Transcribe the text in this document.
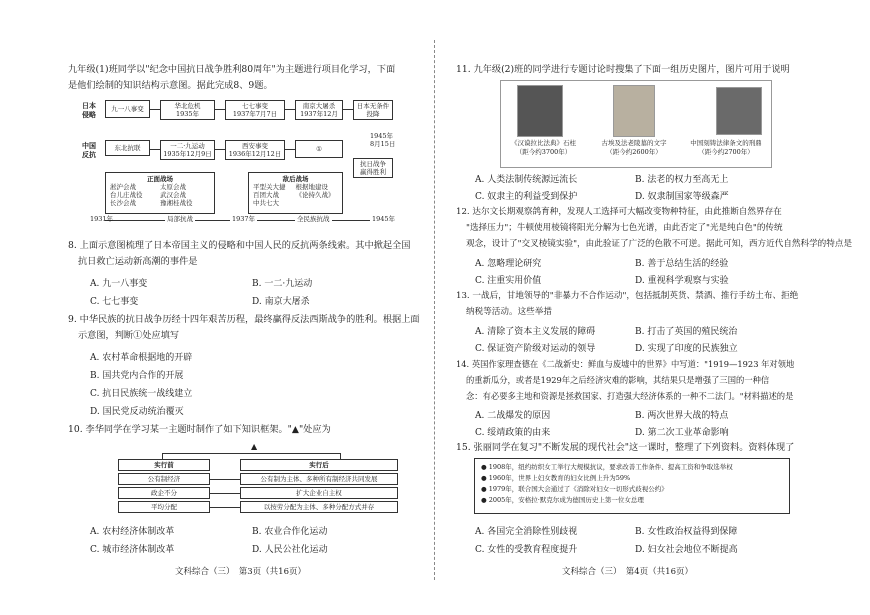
九年级(1)班同学以"纪念中国抗日战争胜利80周年"为主题进行项目化学习，下面
是他们绘制的知识结构示意图。据此完成8、9题。
日本侵略
中国反抗
九一八事变	华北危机
1935年
七七事变
1937年7月7日
南京大屠杀
1937年12月
日本无条件投降
1945年
8月15日
东北抗联	一二·九运动
1935年12月9日
西安事变
1936年12月12日
①
抗日战争
赢得胜利
正面战场
淞沪会战	太原会战
台儿庄战役	武汉会战
长沙会战	豫湘桂战役
敌后战场
平型关大捷	根据地建设
百团大战	《论持久战》
中共七大
1931年	局部抗战	1937年	全民族抗战	1945年
8. 上面示意图梳理了日本帝国主义的侵略和中国人民的反抗两条线索。其中掀起全国
抗日救亡运动新高潮的事件是
A. 九一八事变	B. 一二·九运动
C. 七七事变	D. 南京大屠杀
9. 中华民族的抗日战争历经十四年艰苦历程，最终赢得反法西斯战争的胜利。根据上面
示意图，判断①处应填写
A. 农村革命根据地的开辟
B. 国共党内合作的开展
C. 抗日民族统一战线建立
D. 国民党反动统治覆灭
10. 李华同学在学习某一主题时制作了如下知识框架。"▲"处应为
▲
实行前	实行后
公有制经济	公有制为主体、多种所有制经济共同发展
政企不分	扩大企业自主权
平均分配	以按劳分配为主体、多种分配方式并存
A. 农村经济体制改革	B. 农业合作化运动
C. 城市经济体制改革	D. 人民公社化运动
文科综合（三）　第3页（共16页）
11. 九年级(2)班的同学进行专题讨论时搜集了下面一组历史图片，图片可用于说明
《汉谟拉比法典》石柱
（距今约3700年）
古埃及法老陵墓的文字
（距今约2600年）
中国刻铸法律条文的刑鼎
（距今约2700年）
A. 人类法制传统源远流长	B. 法老的权力至高无上
C. 奴隶主的利益受到保护	D. 奴隶制国家等级森严
12. 达尔文长期观察鸽育种，发现人工选择可大幅改变物种特征，由此推断自然界存在
"选择压力"；牛顿使用棱镜将阳光分解为七色光谱，由此否定了"光是纯白色"的传统
观念，设计了"交叉棱镜实验"，由此验证了广泛的色散不可逆。据此可知，西方近代自然科学的特点是
A. 忽略理论研究	B. 善于总结生活的经验
C. 注重实用价值	D. 重视科学观察与实验
13. 一战后，甘地领导的"非暴力不合作运动"，包括抵制英货、禁酒、推行手纺土布、拒绝
纳税等活动。这些举措
A. 清除了资本主义发展的障碍	B. 打击了英国的殖民统治
C. 保证资产阶级对运动的领导	D. 实现了印度的民族独立
14. 英国作家理查德在《二战新史：鲜血与废墟中的世界》中写道："1919—1923 年对领地
的重新瓜分，或者是1929年之后经济灾难的影响，其结果只是增强了三国的一种信
念：有必要多主地和资源是拯救国家、打造强大经济体系的一种不二法门。"材料描述的是
A. 二战爆发的原因	B. 两次世界大战的特点
C. 绥靖政策的由来	D. 第二次工业革命影响
15. 张丽同学在复习"不断发展的现代社会"这一课时，整理了下列资料。资料体现了
● 1908年，纽约纺织女工举行大规模抗议，要求改善工作条件、提高工资和争取选举权
● 1960年，世界上妇女教育的妇女比例上升为59%
● 1979年，联合国大会通过了《消除对妇女一切形式歧视公约》
● 2005年，安格拉·默克尔成为德国历史上第一位女总理
A. 各国完全消除性别歧视	B. 女性政治权益得到保障
C. 女性的受教育程度提升	D. 妇女社会地位不断提高
文科综合（三）　第4页（共16页）
